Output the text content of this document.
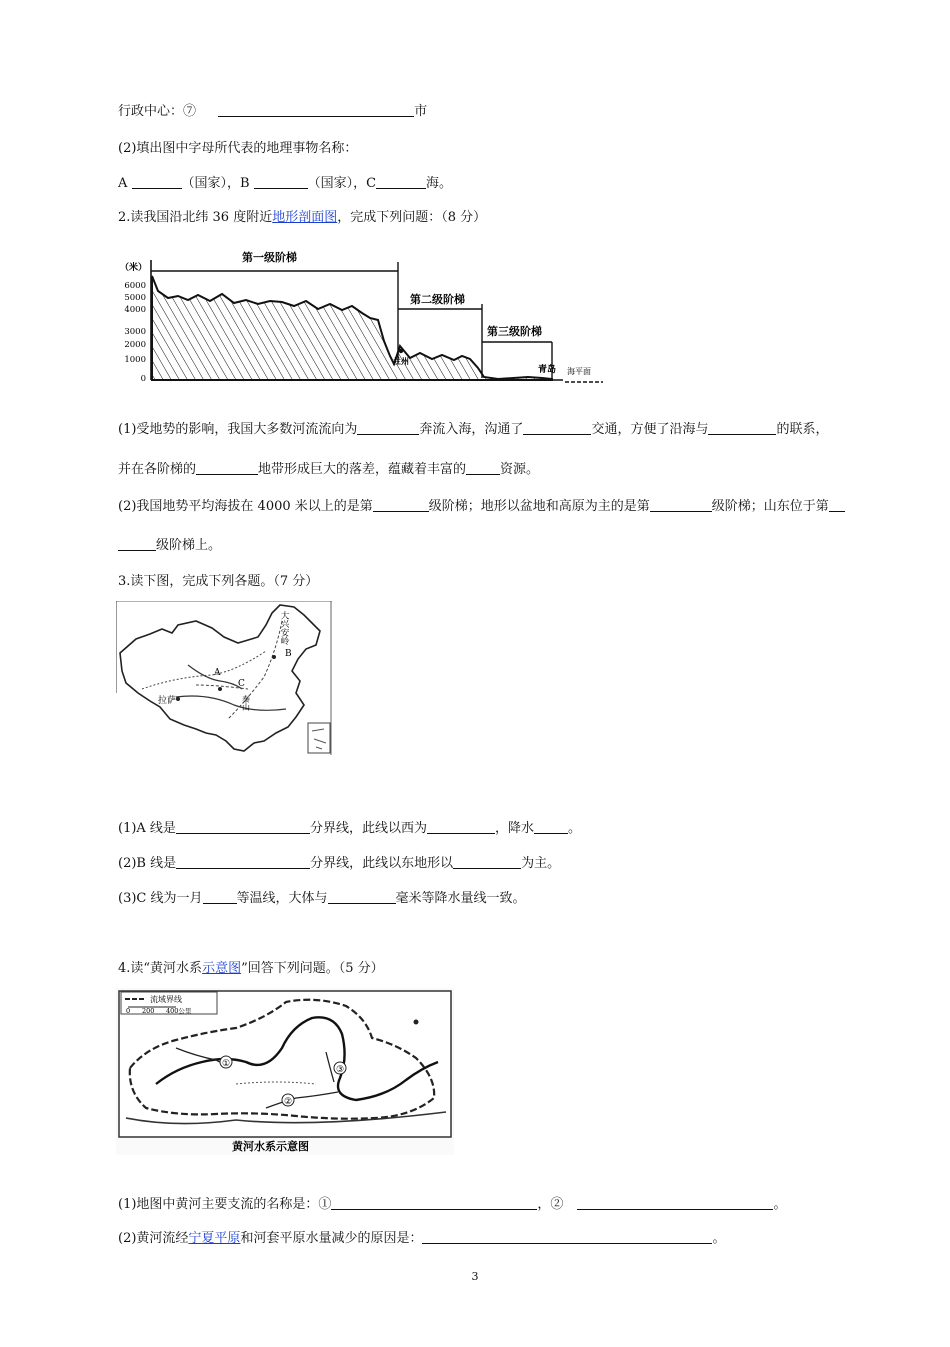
行政中心：⑦	市
(2)填出图中字母所代表的地理事物名称：
A	（国家），B	（国家），C	海。
2.读我国沿北纬 36 度附近地形剖面图，完成下列问题：（8 分）
（米）
6000
5000
4000
3000
2000
1000
0
第一级阶梯
第二级阶梯
第三级阶梯
兰州
青岛 海平面
(1)受地势的影响，我国大多数河流流向为	奔流入海，沟通了	交通，方便了沿海与	的联系，
并在各阶梯的	地带形成巨大的落差，蕴藏着丰富的	资源。
(2)我国地势平均海拔在 4000 米以上的是第	级阶梯；地形以盆地和高原为主的是第	级阶梯；山东位于第
级阶梯上。
3.读下图，完成下列各题。（7 分）
拉萨
大兴安岭
A
B
C
秦山
(1)A 线是	分界线，此线以西为	，降水	。
(2)B 线是	分界线，此线以东地形以	为主。
(3)C 线为一月	等温线，大体与	毫米等降水量线一致。
4.读“黄河水系示意图”回答下列问题。（5 分）
流域界线
0 200 400公里
①
②
③
黄河水系示意图
(1)地图中黄河主要支流的名称是：①	，②	。
(2)黄河流经宁夏平原和河套平原水量减少的原因是：	。
3
